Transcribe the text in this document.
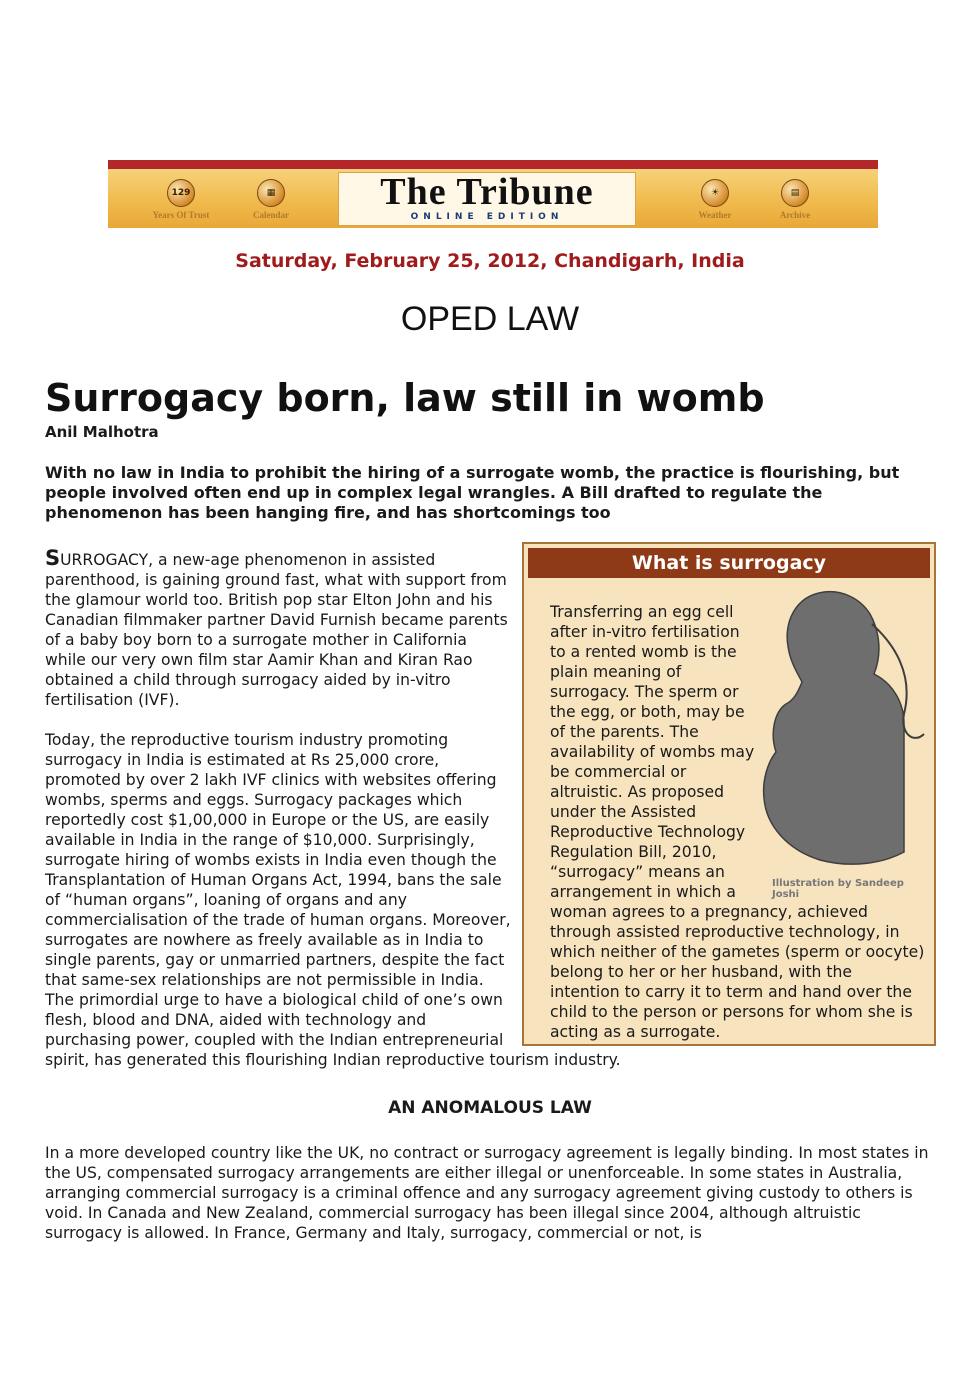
129
Years Of Trust
▦
Calendar
The Tribune
ONLINE EDITION
☀
Weather
▤
Archive
Saturday, February 25, 2012, Chandigarh, India
OPED LAW
Surrogacy born, law still in womb
Anil Malhotra
With no law in India to prohibit the hiring of a surrogate womb, the practice is flourishing, but people involved often end up in complex legal wrangles. A Bill drafted to regulate the phenomenon has been hanging fire, and has shortcomings too

SURROGACY, a new-age phenomenon in assisted parenthood, is gaining ground fast, what with support from the glamour world too. British pop star Elton John and his Canadian filmmaker partner David Furnish became parents of a baby boy born to a surrogate mother in California while our very own film star Aamir Khan and Kiran Rao obtained a child through surrogacy aided by in-vitro fertilisation (IVF).

Today, the reproductive tourism industry promoting surrogacy in India is estimated at Rs 25,000 crore, promoted by over 2 lakh IVF clinics with websites offering wombs, sperms and eggs. Surrogacy packages which reportedly cost $1,00,000 in Europe or the US, are easily available in India in the range of $10,000. Surprisingly, surrogate hiring of wombs exists in India even though the Transplantation of Human Organs Act, 1994, bans the sale of “human organs”, loaning of organs and any commercialisation of the trade of human organs. Moreover, surrogates are nowhere as freely available as in India to single parents, gay or unmarried partners, despite the fact that same-sex relationships are not permissible in India. The primordial urge to have a biological child of one’s own flesh, blood and DNA, aided with technology and purchasing power, coupled with the Indian entrepreneurial spirit, has generated this flourishing Indian reproductive tourism industry.

What is surrogacy
Illustration by Sandeep Joshi
Transferring an egg cell after in-vitro fertilisation to a rented womb is the plain meaning of surrogacy. The sperm or the egg, or both, may be of the parents. The availability of wombs may be commercial or altruistic. As proposed under the Assisted Reproductive Technology Regulation Bill, 2010, “surrogacy” means an arrangement in which a woman agrees to a pregnancy, achieved through assisted reproductive technology, in which neither of the gametes (sperm or oocyte) belong to her or her husband, with the intention to carry it to term and hand over the child to the person or persons for whom she is acting as a surrogate.
AN ANOMALOUS LAW

In a more developed country like the UK, no contract or surrogacy agreement is legally binding. In most states in the US, compensated surrogacy arrangements are either illegal or unenforceable. In some states in Australia, arranging commercial surrogacy is a criminal offence and any surrogacy agreement giving custody to others is void. In Canada and New Zealand, commercial surrogacy has been illegal since 2004, although altruistic surrogacy is allowed. In France, Germany and Italy, surrogacy, commercial or not, is
